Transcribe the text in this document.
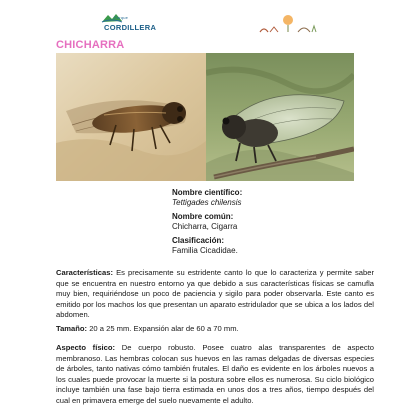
Parque
CORDILLERA
CHICHARRA
Nombre científico:
Tettigades chilensis
Nombre común:
Chicharra, Cigarra
Clasificación:
Familia Cicadidae.

Características: Es precisamente su estridente canto lo que lo caracteriza y permite saber que se encuentra en nuestro entorno ya que debido a sus características físicas se camufla muy bien, requiriéndose un poco de paciencia y sigilo para poder observarla. Este canto es emitido por los machos los que presentan un aparato estridulador que se ubica a los lados del abdomen.

Tamaño: 20 a 25 mm. Expansión alar de 60 a 70 mm.

Aspecto físico: De cuerpo robusto. Posee cuatro alas transparentes de aspecto membranoso. Las hembras colocan sus huevos en las ramas delgadas de diversas especies de árboles, tanto nativas cómo también frutales. El daño es evidente en los árboles nuevos a los cuales puede provocar la muerte si la postura sobre ellos es numerosa. Su ciclo biológico incluye también una fase bajo tierra estimada en unos dos a tres años, tiempo después del cual en primavera emerge del suelo nuevamente el adulto.
